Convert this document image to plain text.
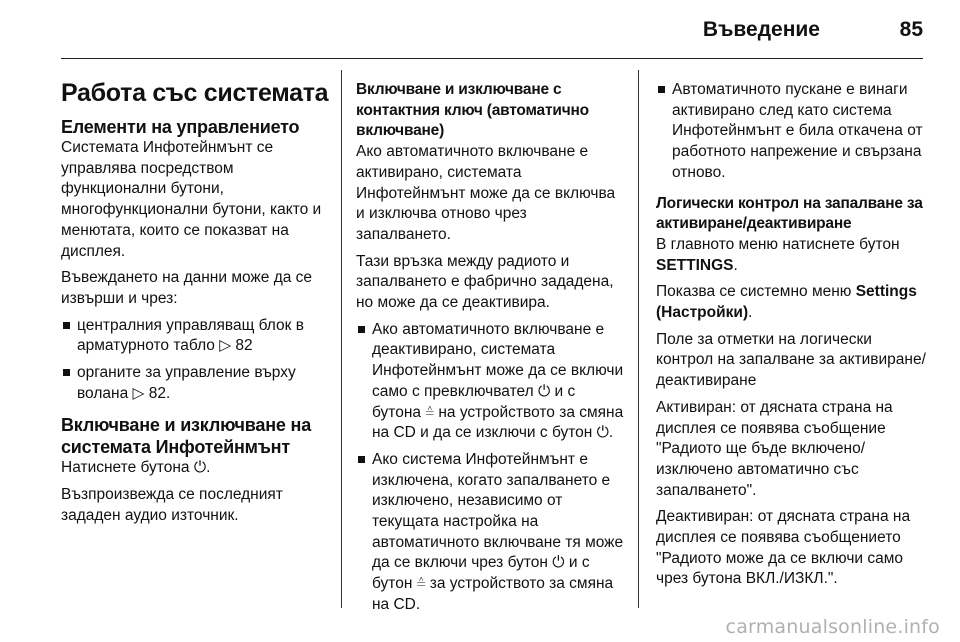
Въведение	85
Работа със системата
Елементи на управлението

Системата Инфотейнмънт се управлява посредством функционални бутони, многофункционални бутони, както и менютата, които се показват на дисплея.

Въвеждането на данни може да се извърши и чрез:

централния управляващ блок в арматурното табло ▷ 82
органите за управление върху волана ▷ 82.
Включване и изключване на системата Инфотейнмънт

Натиснете бутона ⏻.

Възпроизвежда се последният зададен аудио източник.

Включване и изключване с контактния ключ (автоматично включване)

Ако автоматичното включване е активирано, системата Инфотейнмънт може да се включва и изключва отново чрез запалването.

Тази връзка между радиото и запалването е фабрично зададена, но може да се деактивира.

Ако автоматичното включване е деактивирано, системата Инфотейнмънт може да се включи само с превключвател ⏻ и с бутона ≙ на устройството за смяна на CD и да се изключи с бутон ⏻.
Ако система Инфотейнмънт е изключена, когато запалването е изключено, независимо от текущата настройка на автоматичното включване тя може да се включи чрез бутон ⏻ и с бутон ≙ за устройството за смяна на CD.
Автоматичното пускане е винаги активирано след като система Инфотейнмънт е била откачена от работното напрежение и свързана отново.
Логически контрол на запалване за активиране/деактивиране

В главното меню натиснете бутон SETTINGS.

Показва се системно меню Settings (Настройки).

Поле за отметки на логически контрол на запалване за активиране/деактивиране

Активиран: от дясната страна на дисплея се появява съобщение "Радиото ще бъде включено/изключено автоматично със запалването".

Деактивиран: от дясната страна на дисплея се появява съобщението "Радиото може да се включи само чрез бутона ВКЛ./ИЗКЛ.".

carmanualsonline.info
